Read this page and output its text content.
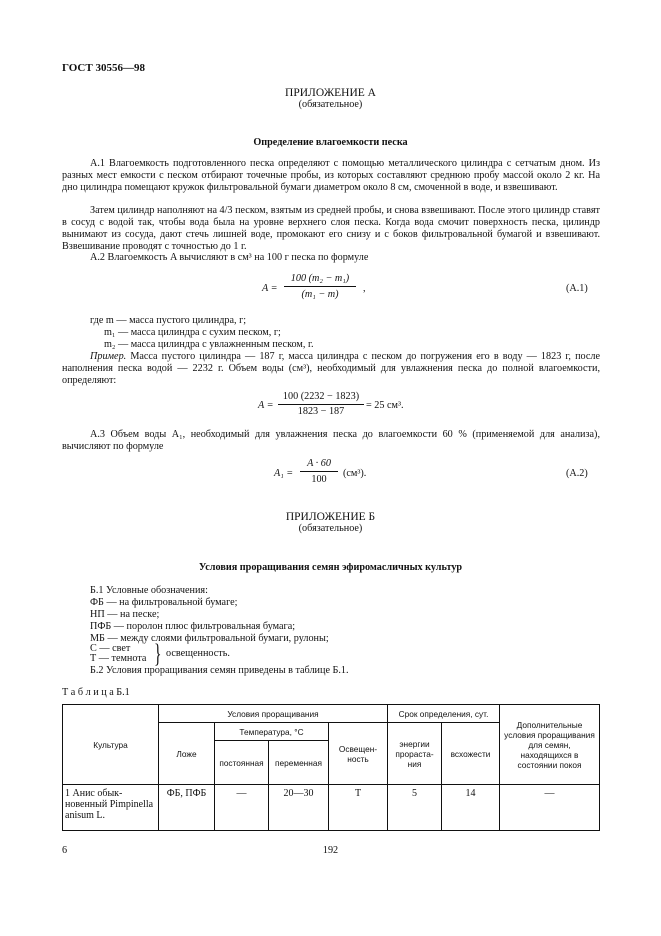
ГОСТ 30556—98
ПРИЛОЖЕНИЕ А
(обязательное)
Определение влагоемкости песка
А.1 Влагоемкость подготовленного песка определяют с помощью металлического цилиндра с сетчатым дном. Из разных мест емкости с песком отбирают точечные пробы, из которых составляют среднюю пробу массой около 2 кг. На дно цилиндра помещают кружок фильтровальной бумаги диаметром около 8 см, смоченной в воде, и взвешивают.
Затем цилиндр наполняют на 4/3 песком, взятым из средней пробы, и снова взвешивают. После этого цилиндр ставят в сосуд с водой так, чтобы вода была на уровне верхнего слоя песка. Когда вода смочит поверхность песка, цилиндр вынимают из сосуда, дают стечь лишней воде, промокают его снизу и с боков фильтровальной бумагой и взвешивают. Взвешивание проводят с точностью до 1 г.
А.2 Влагоемкость A вычисляют в см³ на 100 г песка по формуле
A =
100 (m₂ − m₁)
(m₁ − m)
,	(А.1)
где m — масса пустого цилиндра, г;
m₁ — масса цилиндра с сухим песком, г;
m₂ — масса цилиндра с увлажненным песком, г.
Пример. Масса пустого цилиндра — 187 г, масса цилиндра с песком до погружения его в воду — 1823 г, после наполнения песка водой — 2232 г. Объем воды (см³), необходимый для увлажнения песка до полной влагоемкости, определяют:
A =
100 (2232 − 1823)
1823 − 187
= 25 см³.
А.3 Объем воды A₁, необходимый для увлажнения песка до влагоемкости 60 % (применяемой для анализа), вычисляют по формуле
A₁ =
A · 60
100
(см³).	(А.2)
ПРИЛОЖЕНИЕ Б
(обязательное)
Условия проращивания семян эфиромасличных культур
Б.1 Условные обозначения:
ФБ — на фильтровальной бумаге;
НП — на песке;
ПФБ — поролон плюс фильтровальная бумага;
МБ — между слоями фильтровальной бумаги, рулоны;
С — свет
Т — темнота } освещенность.
Б.2 Условия проращивания семян приведены в таблице Б.1.
Т а б л и ц а Б.1
Культура	Условия проращивания				Срок определения, сут.		Дополнительные условия проращивания для семян, находящихся в состоянии покоя
	Ложе	Температура, °С		Освещен-ность	энергии прораста-ния	всхожести	
		постоянная	переменная				
1 Анис обык-новенный Pimpinella anisum L.	ФБ, ПФБ	—	20—30	Т	5	14	—
6	192
